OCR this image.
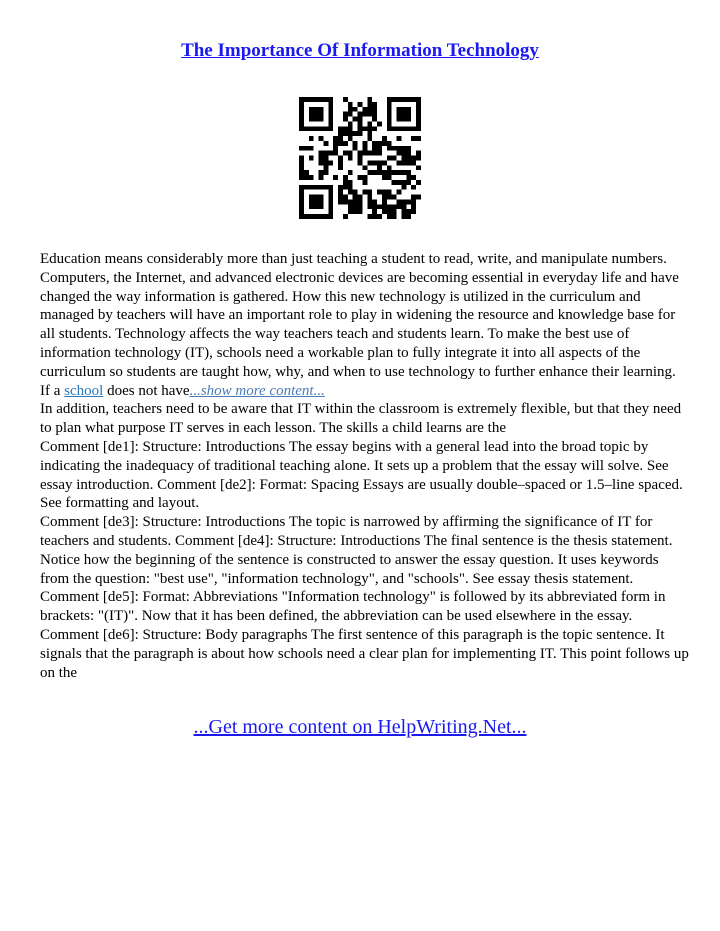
The Importance Of Information Technology

Education means considerably more than just teaching a student to read, write, and manipulate numbers. Computers, the Internet, and advanced electronic devices are becoming essential in everyday life and have changed the way information is gathered. How this new technology is utilized in the curriculum and managed by teachers will have an important role to play in widening the resource and knowledge base for all students. Technology affects the way teachers teach and students learn. To make the best use of information technology (IT), schools need a workable plan to fully integrate it into all aspects of the curriculum so students are taught how, why, and when to use technology to further enhance their learning.

If a school does not have...show more content...

In addition, teachers need to be aware that IT within the classroom is extremely flexible, but that they need to plan what purpose IT serves in each lesson. The skills a child learns are the

Comment [de1]: Structure: Introductions The essay begins with a general lead into the broad topic by indicating the inadequacy of traditional teaching alone. It sets up a problem that the essay will solve. See essay introduction. Comment [de2]: Format: Spacing Essays are usually double–spaced or 1.5–line spaced. See formatting and layout.

Comment [de3]: Structure: Introductions The topic is narrowed by affirming the significance of IT for teachers and students. Comment [de4]: Structure: Introductions The final sentence is the thesis statement. Notice how the beginning of the sentence is constructed to answer the essay question. It uses keywords from the question: "best use", "information technology", and "schools". See essay thesis statement. Comment [de5]: Format: Abbreviations "Information technology" is followed by its abbreviated form in brackets: "(IT)". Now that it has been defined, the abbreviation can be used elsewhere in the essay. Comment [de6]: Structure: Body paragraphs The first sentence of this paragraph is the topic sentence. It signals that the paragraph is about how schools need a clear plan for implementing IT. This point follows up on the

...Get more content on HelpWriting.Net...
